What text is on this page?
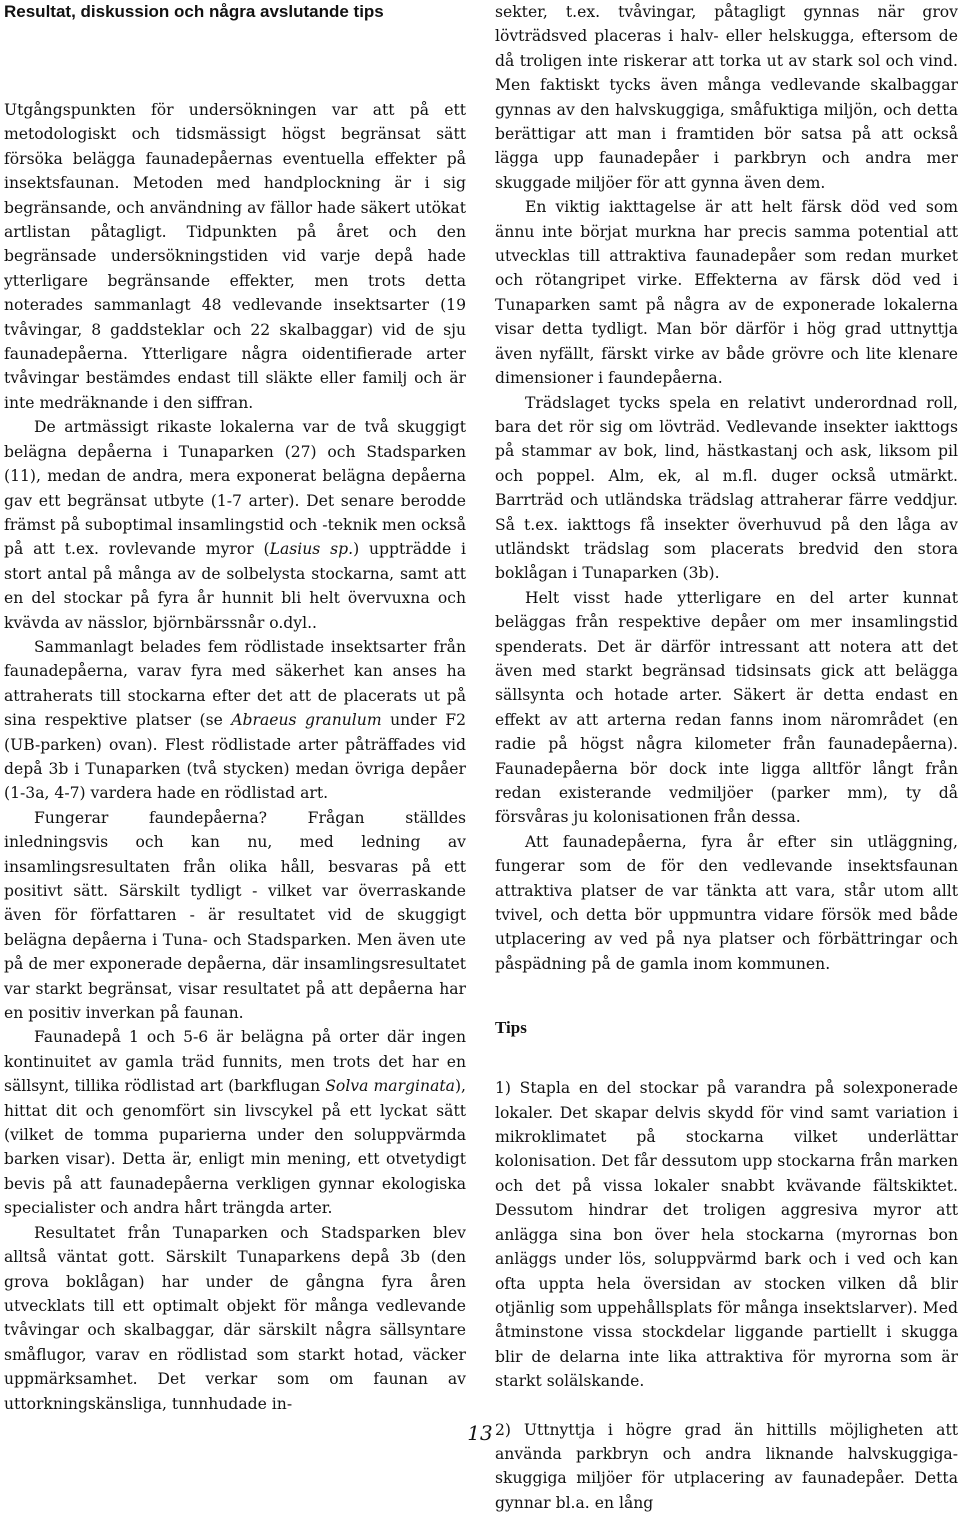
Resultat, diskussion och några avslutande tips

Utgångspunkten för undersökningen var att på ett metodologiskt och tidsmässigt högst begränsat sätt försöka belägga faunadepåernas eventuella effekter på insektsfaunan. Metoden med handplockning är i sig begränsande, och användning av fällor hade säkert utökat artlistan påtagligt. Tidpunkten på året och den begränsade undersökningstiden vid varje depå hade ytterligare begränsande effekter, men trots detta noterades sammanlagt 48 vedlevande insektsarter (19 tvåvingar, 8 gaddsteklar och 22 skalbaggar) vid de sju faunadepåerna. Ytterligare några oidentifierade arter tvåvingar bestämdes endast till släkte eller familj och är inte medräknande i den siffran.

De artmässigt rikaste lokalerna var de två skuggigt belägna depåerna i Tunaparken (27) och Stadsparken (11), medan de andra, mera exponerat belägna depåerna gav ett begränsat utbyte (1-7 arter). Det senare berodde främst på suboptimal insamlingstid och -teknik men också på att t.ex. rovlevande myror (Lasius sp.) uppträdde i stort antal på många av de solbelysta stockarna, samt att en del stockar på fyra år hunnit bli helt övervuxna och kvävda av nässlor, björnbärssnår o.dyl..

Sammanlagt belades fem rödlistade insektsarter från faunadepåerna, varav fyra med säkerhet kan anses ha attraherats till stockarna efter det att de placerats ut på sina respektive platser (se Abraeus granulum under F2 (UB-parken) ovan). Flest rödlistade arter påträffades vid depå 3b i Tunaparken (två stycken) medan övriga depåer (1-3a, 4-7) vardera hade en rödlistad art.

Fungerar faundepåerna? Frågan ställdes inledningsvis och kan nu, med ledning av insamlingsresultaten från olika håll, besvaras på ett positivt sätt. Särskilt tydligt - vilket var överraskande även för författaren - är resultatet vid de skuggigt belägna depåerna i Tuna- och Stadsparken. Men även ute på de mer exponerade depåerna, där insamlingsresultatet var starkt begränsat, visar resultatet på att depåerna har en positiv inverkan på faunan.

Faunadepå 1 och 5-6 är belägna på orter där ingen kontinuitet av gamla träd funnits, men trots det har en sällsynt, tillika rödlistad art (barkflugan Solva marginata), hittat dit och genomfört sin livscykel på ett lyckat sätt (vilket de tomma puparierna under den soluppvärmda barken visar). Detta är, enligt min mening, ett otvetydigt bevis på att faunadepåerna verkligen gynnar ekologiska specialister och andra hårt trängda arter.

Resultatet från Tunaparken och Stadsparken blev alltså väntat gott. Särskilt Tunaparkens depå 3b (den grova boklågan) har under de gångna fyra åren utvecklats till ett optimalt objekt för många vedlevande tvåvingar och skalbaggar, där särskilt några sällsyntare småflugor, varav en rödlistad som starkt hotad, väcker uppmärksamhet. Det verkar som om faunan av uttorkningskänsliga, tunnhudade in-

sekter, t.ex. tvåvingar, påtagligt gynnas när grov lövträdsved placeras i halv- eller helskugga, eftersom de då troligen inte riskerar att torka ut av stark sol och vind. Men faktiskt tycks även många vedlevande skalbaggar gynnas av den halvskuggiga, småfuktiga miljön, och detta berättigar att man i framtiden bör satsa på att också lägga upp faunadepåer i parkbryn och andra mer skuggade miljöer för att gynna även dem.

En viktig iakttagelse är att helt färsk död ved som ännu inte börjat murkna har precis samma potential att utvecklas till attraktiva faunadepåer som redan murket och rötangripet virke. Effekterna av färsk död ved i Tunaparken samt på några av de exponerade lokalerna visar detta tydligt. Man bör därför i hög grad uttnyttja även nyfällt, färskt virke av både grövre och lite klenare dimensioner i faundepåerna.

Trädslaget tycks spela en relativt underordnad roll, bara det rör sig om lövträd. Vedlevande insekter iakttogs på stammar av bok, lind, hästkastanj och ask, liksom pil och poppel. Alm, ek, al m.fl. duger också utmärkt. Barrträd och utländska trädslag attraherar färre veddjur. Så t.ex. iakttogs få insekter överhuvud på den låga av utländskt trädslag som placerats bredvid den stora boklågan i Tunaparken (3b).

Helt visst hade ytterligare en del arter kunnat beläggas från respektive depåer om mer insamlingstid spenderats. Det är därför intressant att notera att det även med starkt begränsad tidsinsats gick att belägga sällsynta och hotade arter. Säkert är detta endast en effekt av att arterna redan fanns inom närområdet (en radie på högst några kilometer från faunadepåerna). Faunadepåerna bör dock inte ligga alltför långt från redan existerande vedmiljöer (parker mm), ty då försvåras ju kolonisationen från dessa.

Att faunadepåerna, fyra år efter sin utläggning, fungerar som de för den vedlevande insektsfaunan attraktiva platser de var tänkta att vara, står utom allt tvivel, och detta bör uppmuntra vidare försök med både utplacering av ved på nya platser och förbättringar och påspädning på de gamla inom kommunen.

Tips

1) Stapla en del stockar på varandra på solexponerade lokaler. Det skapar delvis skydd för vind samt variation i mikroklimatet på stockarna vilket underlättar kolonisation. Det får dessutom upp stockarna från marken och det på vissa lokaler snabbt kvävande fältskiktet. Dessutom hindrar det troligen aggresiva myror att anlägga sina bon över hela stockarna (myrornas bon anläggs under lös, soluppvärmd bark och i ved och kan ofta uppta hela översidan av stocken vilken då blir otjänlig som uppehållsplats för många insektslarver). Med åtminstone vissa stockdelar liggande partiellt i skugga blir de delarna inte lika attraktiva för myrorna som är starkt solälskande.

2) Uttnyttja i högre grad än hittills möjligheten att använda parkbryn och andra liknande halvskuggiga-skuggiga miljöer för utplacering av faunadepåer. Detta gynnar bl.a. en lång

13
